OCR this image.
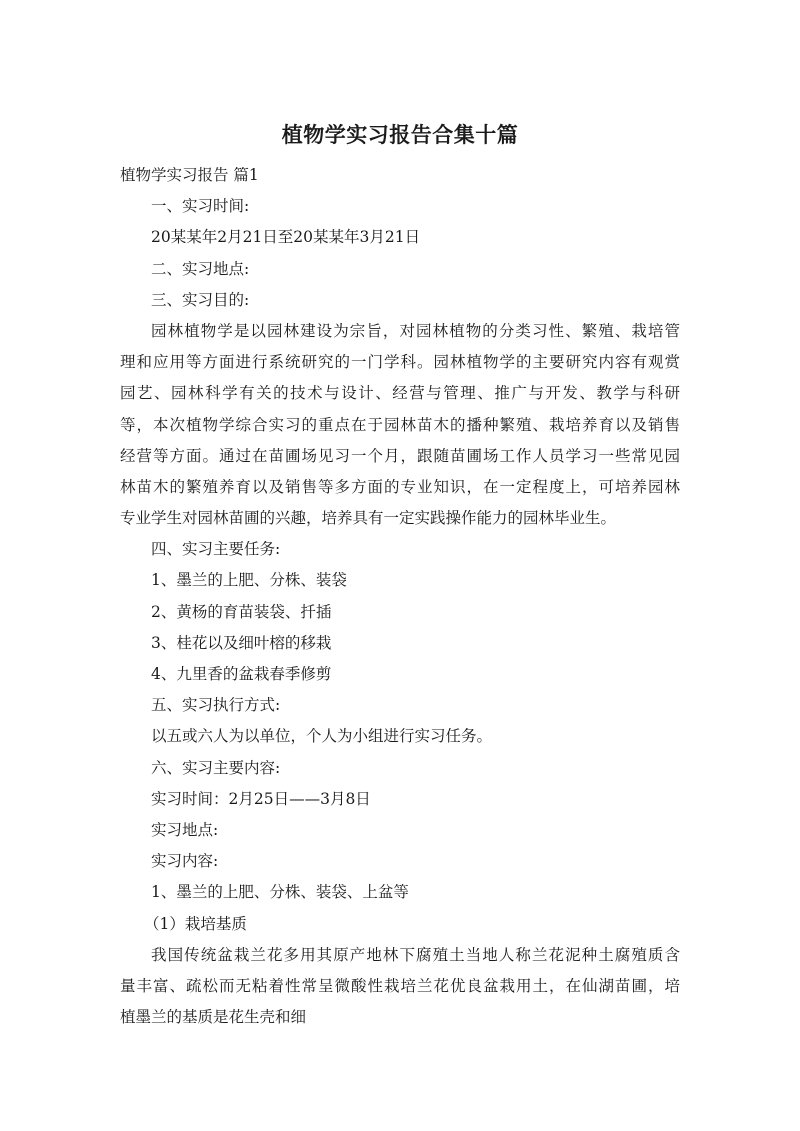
植物学实习报告合集十篇
植物学实习报告 篇1
一、实习时间:
20某某年2月21日至20某某年3月21日
二、实习地点:
三、实习目的:
园林植物学是以园林建设为宗旨，对园林植物的分类习性、繁殖、栽培管
理和应用等方面进行系统研究的一门学科。园林植物学的主要研究内容有观赏
园艺、园林科学有关的技术与设计、经营与管理、推广与开发、教学与科研
等，本次植物学综合实习的重点在于园林苗木的播种繁殖、栽培养育以及销售
经营等方面。通过在苗圃场见习一个月，跟随苗圃场工作人员学习一些常见园
林苗木的繁殖养育以及销售等多方面的专业知识，在一定程度上，可培养园林
专业学生对园林苗圃的兴趣，培养具有一定实践操作能力的园林毕业生。
四、实习主要任务:
1、墨兰的上肥、分株、装袋
2、黄杨的育苗装袋、扦插
3、桂花以及细叶榕的移栽
4、九里香的盆栽春季修剪
五、实习执行方式:
以五或六人为以单位，个人为小组进行实习任务。
六、实习主要内容:
实习时间：2月25日——3月8日
实习地点:
实习内容:
1、墨兰的上肥、分株、装袋、上盆等
（1）栽培基质
我国传统盆栽兰花多用其原产地林下腐殖土当地人称兰花泥种土腐殖质含
量丰富、疏松而无粘着性常呈微酸性栽培兰花优良盆栽用土，在仙湖苗圃，培
植墨兰的基质是花生壳和细
